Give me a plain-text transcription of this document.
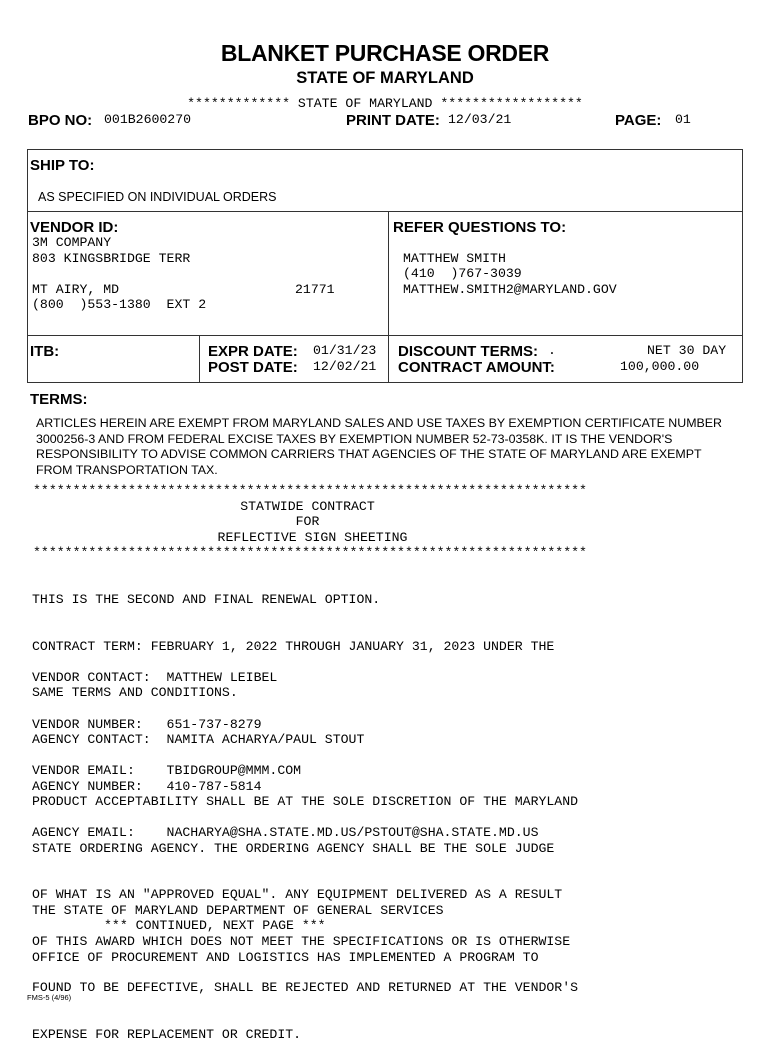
BLANKET PURCHASE ORDER
STATE OF MARYLAND
************* STATE OF MARYLAND ******************
BPO NO: 001B2600270	PRINT DATE: 12/03/21	PAGE: 01
SHIP TO:
AS SPECIFIED ON INDIVIDUAL ORDERS
VENDOR ID:
3M COMPANY
803 KINGSBRIDGE TERR
MT AIRY, MD	21771
(800  )553-1380  EXT 2
REFER QUESTIONS TO:
MATTHEW SMITH
(410  )767-3039
MATTHEW.SMITH2@MARYLAND.GOV
ITB:	EXPR DATE: 01/31/23
POST DATE: 12/02/21
DISCOUNT TERMS: .	NET 30 DAY
CONTRACT AMOUNT:	100,000.00
TERMS:
ARTICLES HEREIN ARE EXEMPT FROM MARYLAND SALES AND USE TAXES BY EXEMPTION CERTIFICATE NUMBER 3000256-3 AND FROM FEDERAL EXCISE TAXES BY EXEMPTION NUMBER 52-73-0358K. IT IS THE VENDOR'S RESPONSIBILITY TO ADVISE COMMON CARRIERS THAT AGENCIES OF THE STATE OF MARYLAND ARE EXEMPT FROM TRANSPORTATION TAX.
**********************************************************************
STATWIDE CONTRACT
FOR
REFLECTIVE SIGN SHEETING
**********************************************************************

THIS IS THE SECOND AND FINAL RENEWAL OPTION.

CONTRACT TERM: FEBRUARY 1, 2022 THROUGH JANUARY 31, 2023 UNDER THE

SAME TERMS AND CONDITIONS.

VENDOR CONTACT:  MATTHEW LEIBEL

VENDOR NUMBER:   651-737-8279

VENDOR EMAIL:    TBIDGROUP@MMM.COM

AGENCY CONTACT:  NAMITA ACHARYA/PAUL STOUT

AGENCY NUMBER:   410-787-5814

AGENCY EMAIL:    NACHARYA@SHA.STATE.MD.US/PSTOUT@SHA.STATE.MD.US

PRODUCT ACCEPTABILITY SHALL BE AT THE SOLE DISCRETION OF THE MARYLAND

STATE ORDERING AGENCY. THE ORDERING AGENCY SHALL BE THE SOLE JUDGE

OF WHAT IS AN "APPROVED EQUAL". ANY EQUIPMENT DELIVERED AS A RESULT

OF THIS AWARD WHICH DOES NOT MEET THE SPECIFICATIONS OR IS OTHERWISE

FOUND TO BE DEFECTIVE, SHALL BE REJECTED AND RETURNED AT THE VENDOR'S

EXPENSE FOR REPLACEMENT OR CREDIT.

THE STATE OF MARYLAND DEPARTMENT OF GENERAL SERVICES

OFFICE OF PROCUREMENT AND LOGISTICS HAS IMPLEMENTED A PROGRAM TO

*** CONTINUED, NEXT PAGE ***
FMS-5 (4/96)
